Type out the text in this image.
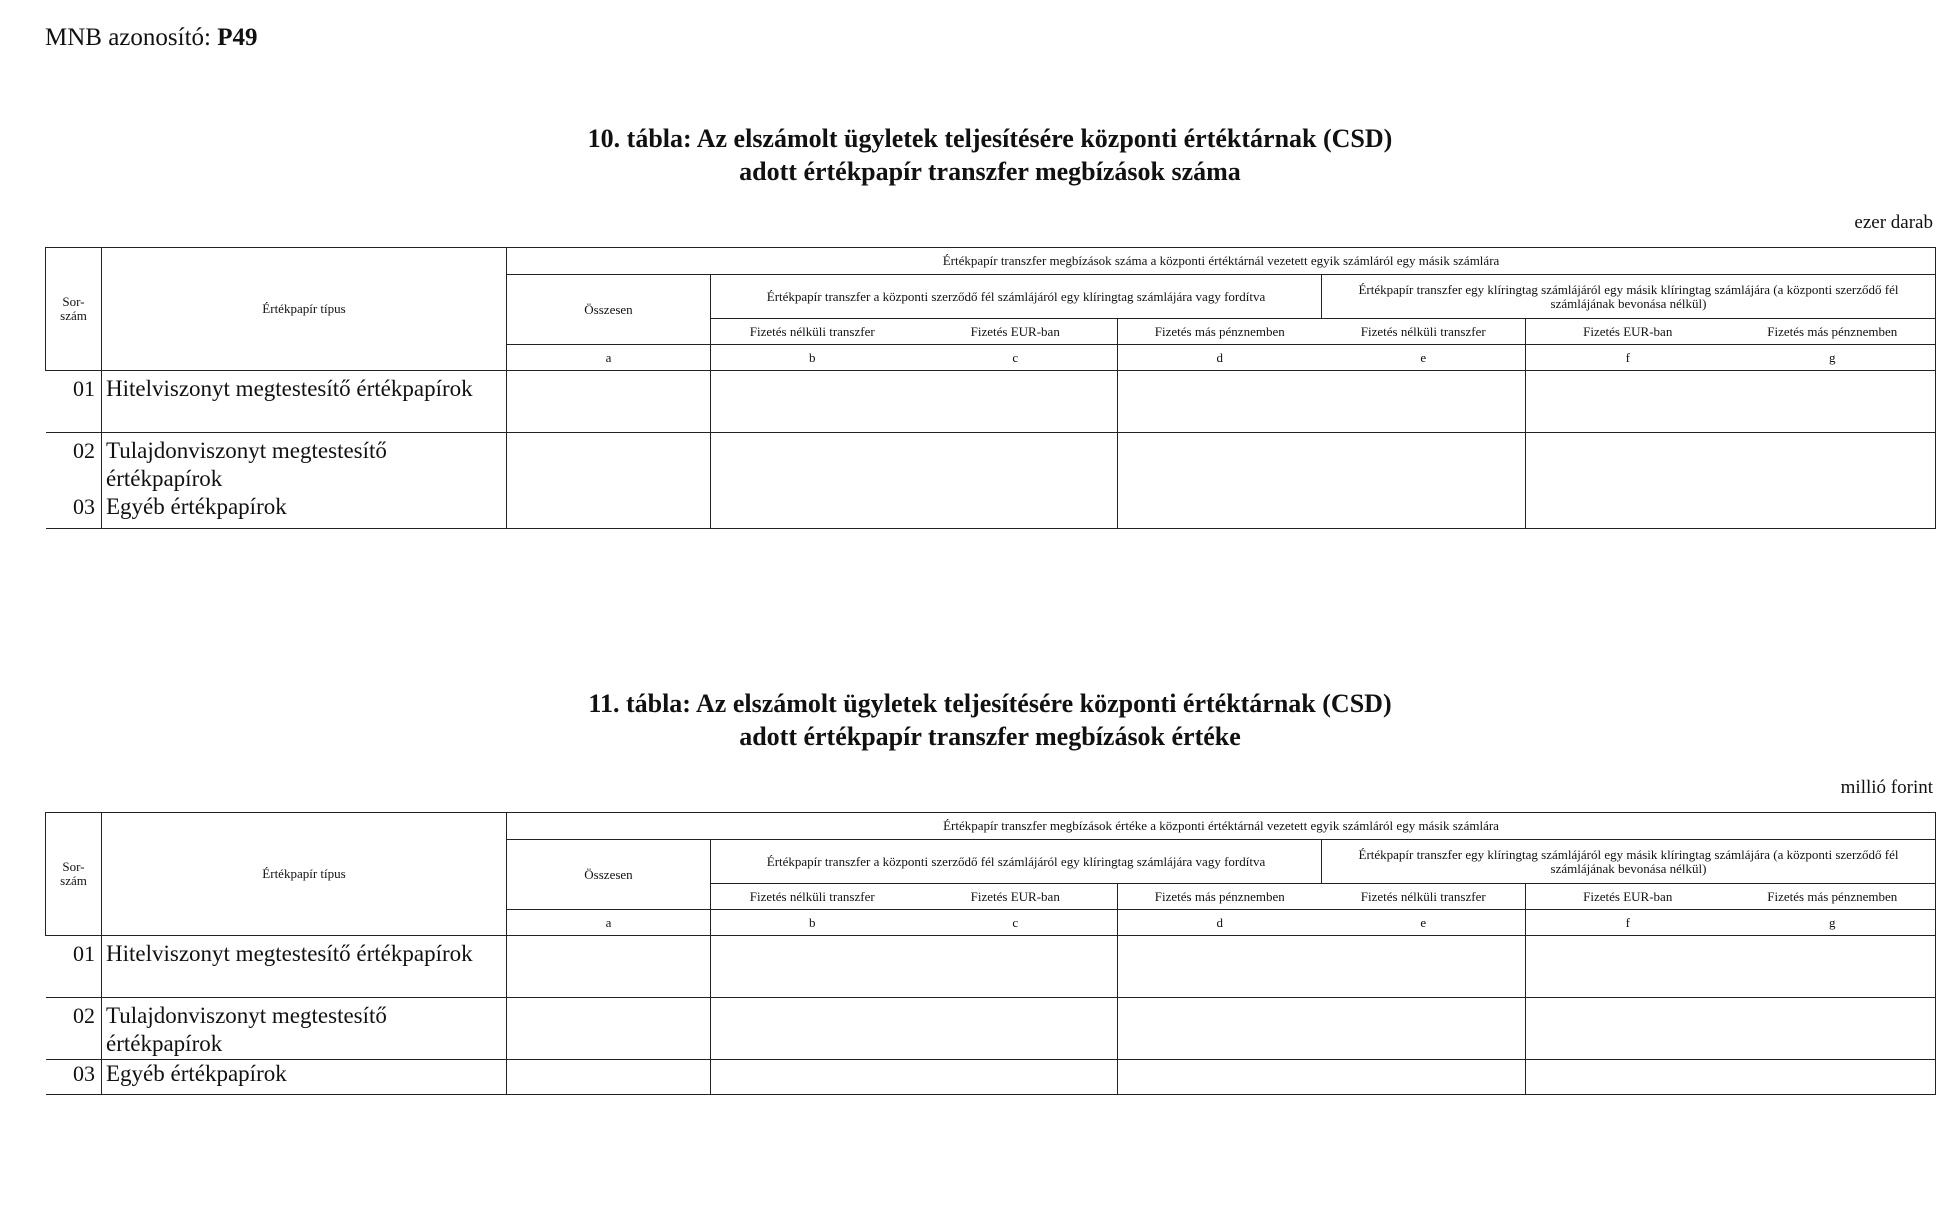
MNB azonosító: P49
10. tábla: Az elszámolt ügyletek teljesítésére központi értéktárnak (CSD)
adott értékpapír transzfer megbízások száma
ezer darab
Sor-
szám	Értékpapír típus	Értékpapír transzfer megbízások száma a központi értéktárnál vezetett egyik számláról egy másik számlára						
		Összesen	Értékpapír transzfer a központi szerződő fél számlájáról egy klíringtag számlájára vagy fordítva			Értékpapír transzfer egy klíringtag számlájáról egy másik klíringtag számlájára (a központi szerződő fél számlájának bevonása nélkül)		
			Fizetés nélküli transzfer	Fizetés EUR-ban	Fizetés más pénznemben	Fizetés nélküli transzfer	Fizetés EUR-ban	Fizetés más pénznemben
		a	b	c	d	e	f	g
01	Hitelviszonyt megtestesítő értékpapírok							
02	Tulajdonviszonyt megtestesítő értékpapírok							
03	Egyéb értékpapírok							
11. tábla: Az elszámolt ügyletek teljesítésére központi értéktárnak (CSD)
adott értékpapír transzfer megbízások értéke
millió forint
Sor-
szám	Értékpapír típus	Értékpapír transzfer megbízások értéke a központi értéktárnál vezetett egyik számláról egy másik számlára						
		Összesen	Értékpapír transzfer a központi szerződő fél számlájáról egy klíringtag számlájára vagy fordítva			Értékpapír transzfer egy klíringtag számlájáról egy másik klíringtag számlájára (a központi szerződő fél számlájának bevonása nélkül)		
			Fizetés nélküli transzfer	Fizetés EUR-ban	Fizetés más pénznemben	Fizetés nélküli transzfer	Fizetés EUR-ban	Fizetés más pénznemben
		a	b	c	d	e	f	g
01	Hitelviszonyt megtestesítő értékpapírok							
02	Tulajdonviszonyt megtestesítő értékpapírok							
03	Egyéb értékpapírok							
